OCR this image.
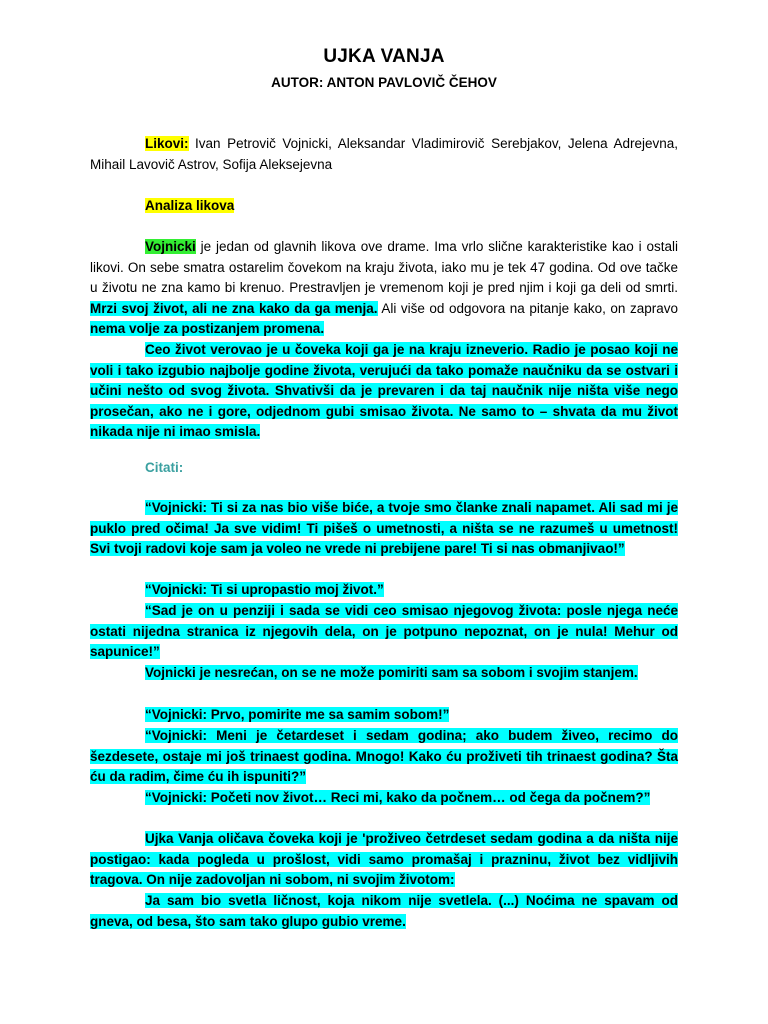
UJKA VANJA
AUTOR: ANTON PAVLOVIČ ČEHOV

Likovi: Ivan Petrovič Vojnicki, Aleksandar Vladimirovič Serebjakov, Jelena Adrejevna, Mihail Lavovič Astrov, Sofija Aleksejevna

Analiza likova

Vojnicki je jedan od glavnih likova ove drame. Ima vrlo slične karakteristike kao i ostali likovi. On sebe smatra ostarelim čovekom na kraju života, iako mu je tek 47 godina. Od ove tačke u životu ne zna kamo bi krenuo. Prestravljen je vremenom koji je pred njim i koji ga deli od smrti. Mrzi svoj život, ali ne zna kako da ga menja. Ali više od odgovora na pitanje kako, on zapravo nema volje za postizanjem promena.

Ceo život verovao je u čoveka koji ga je na kraju izneverio. Radio je posao koji ne voli i tako izgubio najbolje godine života, verujući da tako pomaže naučniku da se ostvari i učini nešto od svog života. Shvativši da je prevaren i da taj naučnik nije ništa više nego prosečan, ako ne i gore, odjednom gubi smisao života. Ne samo to – shvata da mu život nikada nije ni imao smisla.

Citati:

“Vojnicki: Ti si za nas bio više biće, a tvoje smo članke znali napamet. Ali sad mi je puklo pred očima! Ja sve vidim! Ti pišeš o umetnosti, a ništa se ne razumeš u umetnost! Svi tvoji radovi koje sam ja voleo ne vrede ni prebijene pare! Ti si nas obmanjivao!”

“Vojnicki: Ti si upropastio moj život.”

“Sad je on u penziji i sada se vidi ceo smisao njegovog života: posle njega neće ostati nijedna stranica iz njegovih dela, on je potpuno nepoznat, on je nula! Mehur od sapunice!”

Vojnicki je nesrećan, on se ne može pomiriti sam sa sobom i svojim stanjem.

“Vojnicki: Prvo, pomirite me sa samim sobom!”

“Vojnicki: Meni je četardeset i sedam godina; ako budem živeo, recimo do šezdesete, ostaje mi još trinaest godina. Mnogo! Kako ću proživeti tih trinaest godina? Šta ću da radim, čime ću ih ispuniti?”

“Vojnicki: Početi nov život… Reci mi, kako da počnem… od čega da počnem?”

Ujka Vanja oličava čoveka koji je 'proživeo četrdeset sedam godina a da ništa nije postigao: kada pogleda u prošlost, vidi samo promašaj i prazninu, život bez vidljivih tragova. On nije zadovoljan ni sobom, ni svojim životom:

Ja sam bio svetla ličnost, koja nikom nije svetlela. (...) Noćima ne spavam od gneva, od besa, što sam tako glupo gubio vreme.
